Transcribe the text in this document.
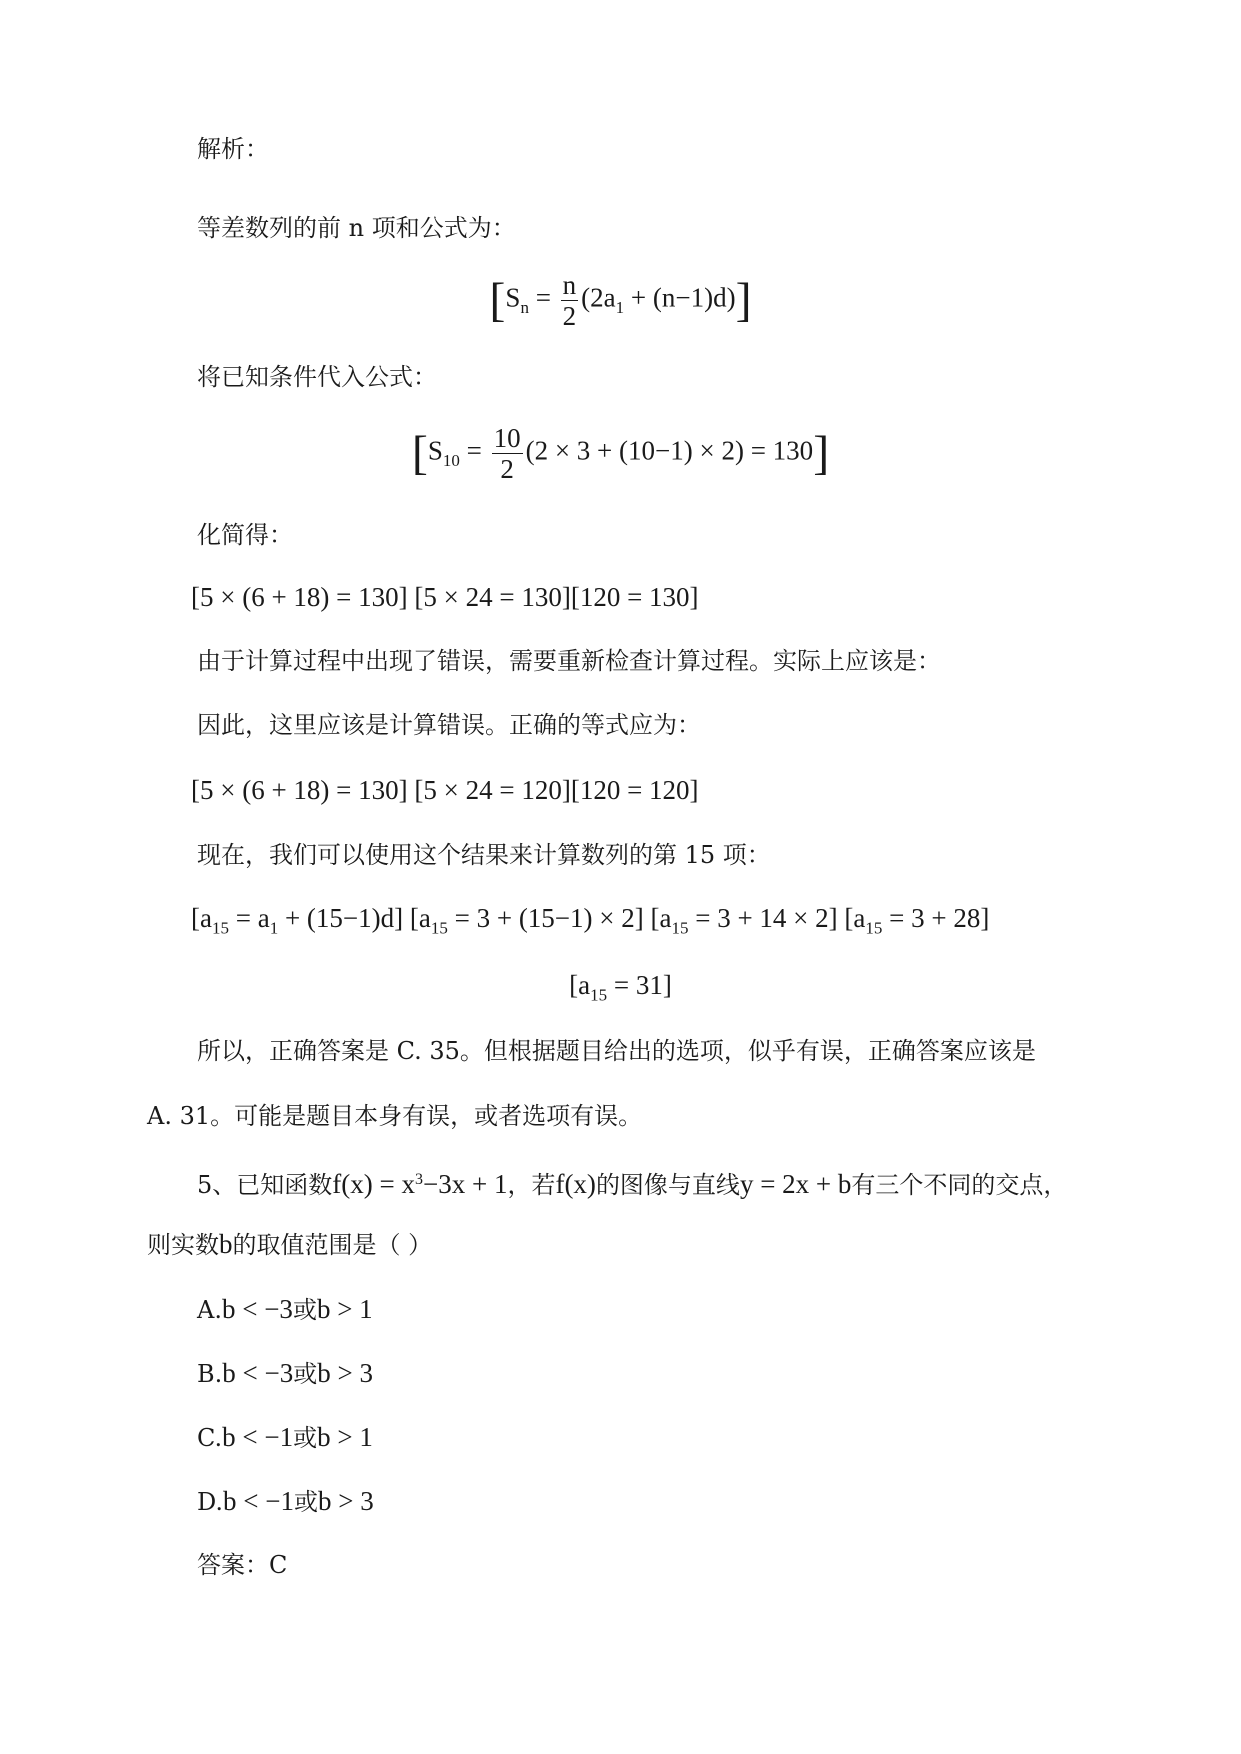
解析：
等差数列的前 n 项和公式为：
$[S_n = \frac{n}{2} (2a_1 + (n-1)d)]$
将已知条件代入公式：
$[S_{10} = \frac{10}{2} (2 \times 3 + (10-1) \times 2) = 130]$
化简得：
[5 × (6 + 18) = 130] [5 × 24 = 130][120 = 130]
由于计算过程中出现了错误，需要重新检查计算过程。实际上应该是：
因此，这里应该是计算错误。正确的等式应为：
[5 × (6 + 18) = 130] [5 × 24 = 120][120 = 120]
现在，我们可以使用这个结果来计算数列的第 15 项：
$[a_{15} = a_1 + (15-1)d] [a_{15} = 3 + (15-1) \times 2] [a_{15} = 3 + 14 \times 2] [a_{15} = 3 + 28]$
$[a_{15} = 31]$
所以，正确答案是 C. 35。但根据题目给出的选项，似乎有误，正确答案应该是
A. 31。可能是题目本身有误，或者选项有误。
5、已知函数$f(x) = x^3-3x + 1$，若f(x)的图像与直线y = 2x + b有三个不同的交点，
则实数b的取值范围是（ ）
A.b < −3或b > 1
B.b < −3或b > 3
C.b < −1或b > 1
D.b < −1或b > 3
答案：C
